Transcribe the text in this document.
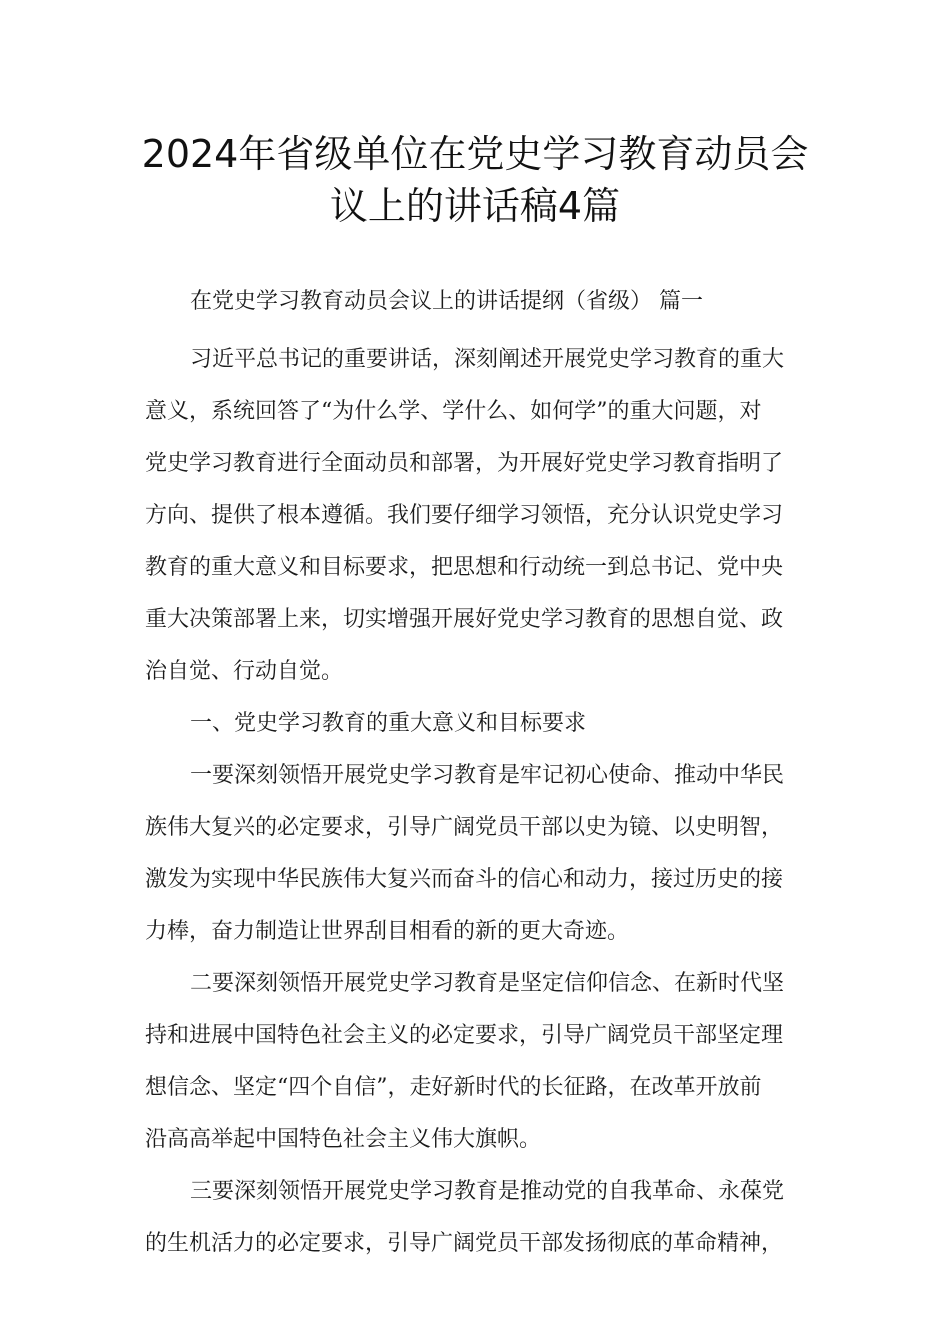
2024年省级单位在党史学习教育动员会
议上的讲话稿4篇
在党史学习教育动员会议上的讲话提纲（省级） 篇一
习近平总书记的重要讲话，深刻阐述开展党史学习教育的重大
意义，系统回答了“为什么学、学什么、如何学”的重大问题，对
党史学习教育进行全面动员和部署，为开展好党史学习教育指明了
方向、提供了根本遵循。我们要仔细学习领悟，充分认识党史学习
教育的重大意义和目标要求，把思想和行动统一到总书记、党中央
重大决策部署上来，切实增强开展好党史学习教育的思想自觉、政
治自觉、行动自觉。
一、党史学习教育的重大意义和目标要求
一要深刻领悟开展党史学习教育是牢记初心使命、推动中华民
族伟大复兴的必定要求，引导广阔党员干部以史为镜、以史明智，
激发为实现中华民族伟大复兴而奋斗的信心和动力，接过历史的接
力棒，奋力制造让世界刮目相看的新的更大奇迹。
二要深刻领悟开展党史学习教育是坚定信仰信念、在新时代坚
持和进展中国特色社会主义的必定要求，引导广阔党员干部坚定理
想信念、坚定“四个自信”，走好新时代的长征路，在改革开放前
沿高高举起中国特色社会主义伟大旗帜。
三要深刻领悟开展党史学习教育是推动党的自我革命、永葆党
的生机活力的必定要求，引导广阔党员干部发扬彻底的革命精神，
